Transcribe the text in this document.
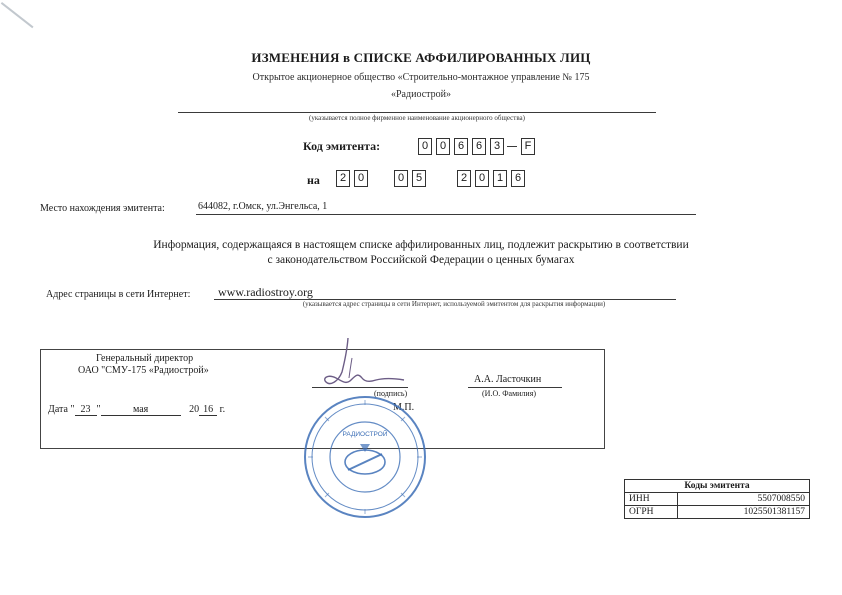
ИЗМЕНЕНИЯ в СПИСКЕ АФФИЛИРОВАННЫХ ЛИЦ
Открытое акционерное общество «Строительно-монтажное управление № 175
«Радиострой»
(указывается полное фирменное наименование акционерного общества)
Код эмитента:	0	0	6	6	3	F
на	2	0	0	5	2	0	1	6
Место нахождения эмитента:	644082, г.Омск, ул.Энгельса, 1
Информация, содержащаяся в настоящем списке аффилированных лиц, подлежит раскрытию в соответствии
с законодательством Российской Федерации о ценных бумагах
Адрес страницы в сети Интернет: www.radiostroy.org
(указывается адрес страницы в сети Интернет, используемой эмитентом для раскрытия информации)
Генеральный директор
ОАО "СМУ-175 «Радиострой»
(подпись)
А.А. Ласточкин
(И.О. Фамилия)
Дата " 23 "	мая	20 16 г.	М.П.
РАДИОСТРОЙ
Коды эмитента	
ИНН	5507008550
ОГРН	1025501381157
